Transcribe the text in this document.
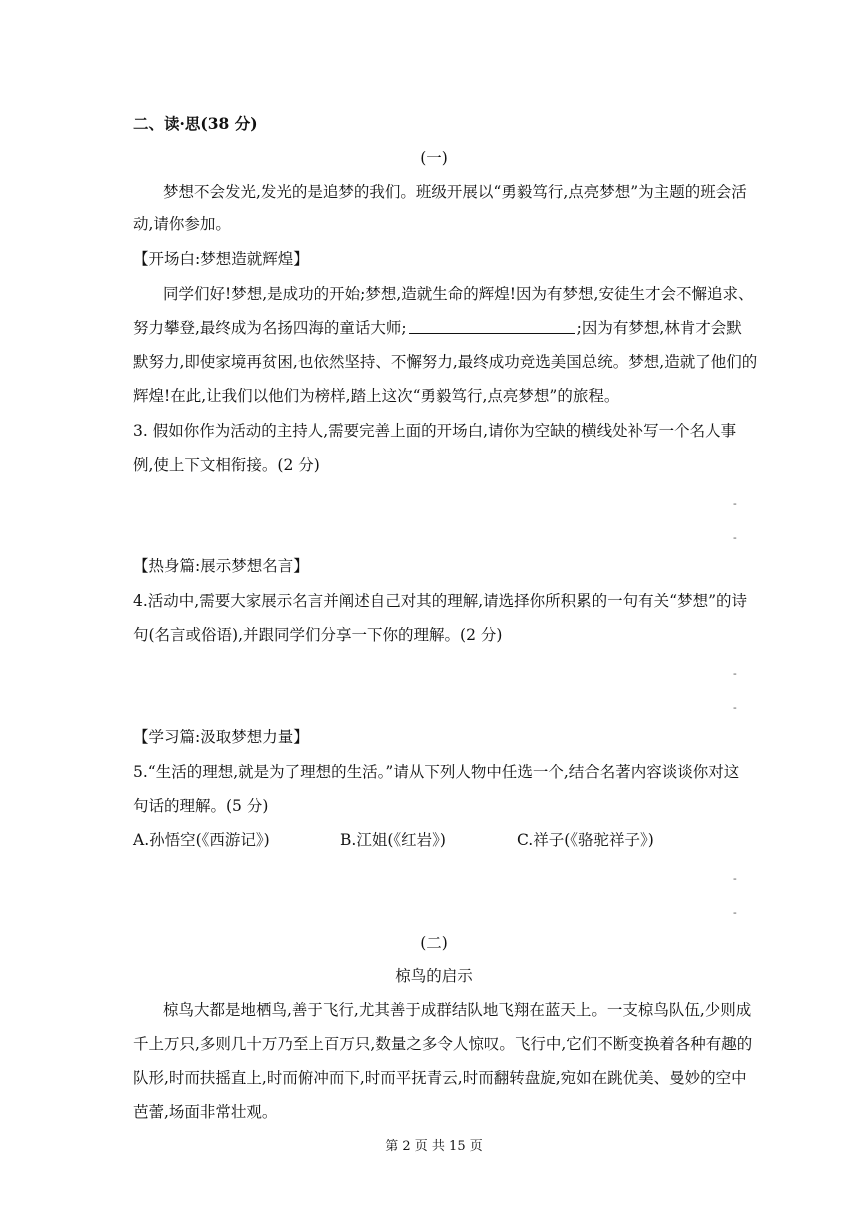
二、读·思(38 分)
(一)
梦想不会发光,发光的是追梦的我们。班级开展以“勇毅笃行,点亮梦想”为主题的班会活
动,请你参加。
【开场白:梦想造就辉煌】
同学们好!梦想,是成功的开始;梦想,造就生命的辉煌!因为有梦想,安徒生才会不懈追求、
努力攀登,最终成为名扬四海的童话大师;	;因为有梦想,林肯才会默
默努力,即使家境再贫困,也依然坚持、不懈努力,最终成功竞选美国总统。梦想,造就了他们的
辉煌!在此,让我们以他们为榜样,踏上这次“勇毅笃行,点亮梦想”的旅程。
3. 假如你作为活动的主持人,需要完善上面的开场白,请你为空缺的横线处补写一个名人事
例,使上下文相衔接。(2 分)
-
-
【热身篇:展示梦想名言】
4.活动中,需要大家展示名言并阐述自己对其的理解,请选择你所积累的一句有关“梦想”的诗
句(名言或俗语),并跟同学们分享一下你的理解。(2 分)
-
-
【学习篇:汲取梦想力量】
5.“生活的理想,就是为了理想的生活。”请从下列人物中任选一个,结合名著内容谈谈你对这
句话的理解。(5 分)
A.孙悟空(《西游记》)	B.江姐(《红岩》)	C.祥子(《骆驼祥子》)
-
-
(二)
椋鸟的启示
椋鸟大都是地栖鸟,善于飞行,尤其善于成群结队地飞翔在蓝天上。一支椋鸟队伍,少则成
千上万只,多则几十万乃至上百万只,数量之多令人惊叹。飞行中,它们不断变换着各种有趣的
队形,时而扶摇直上,时而俯冲而下,时而平抚青云,时而翻转盘旋,宛如在跳优美、曼妙的空中
芭蕾,场面非常壮观。
第 2 页 共 15 页
